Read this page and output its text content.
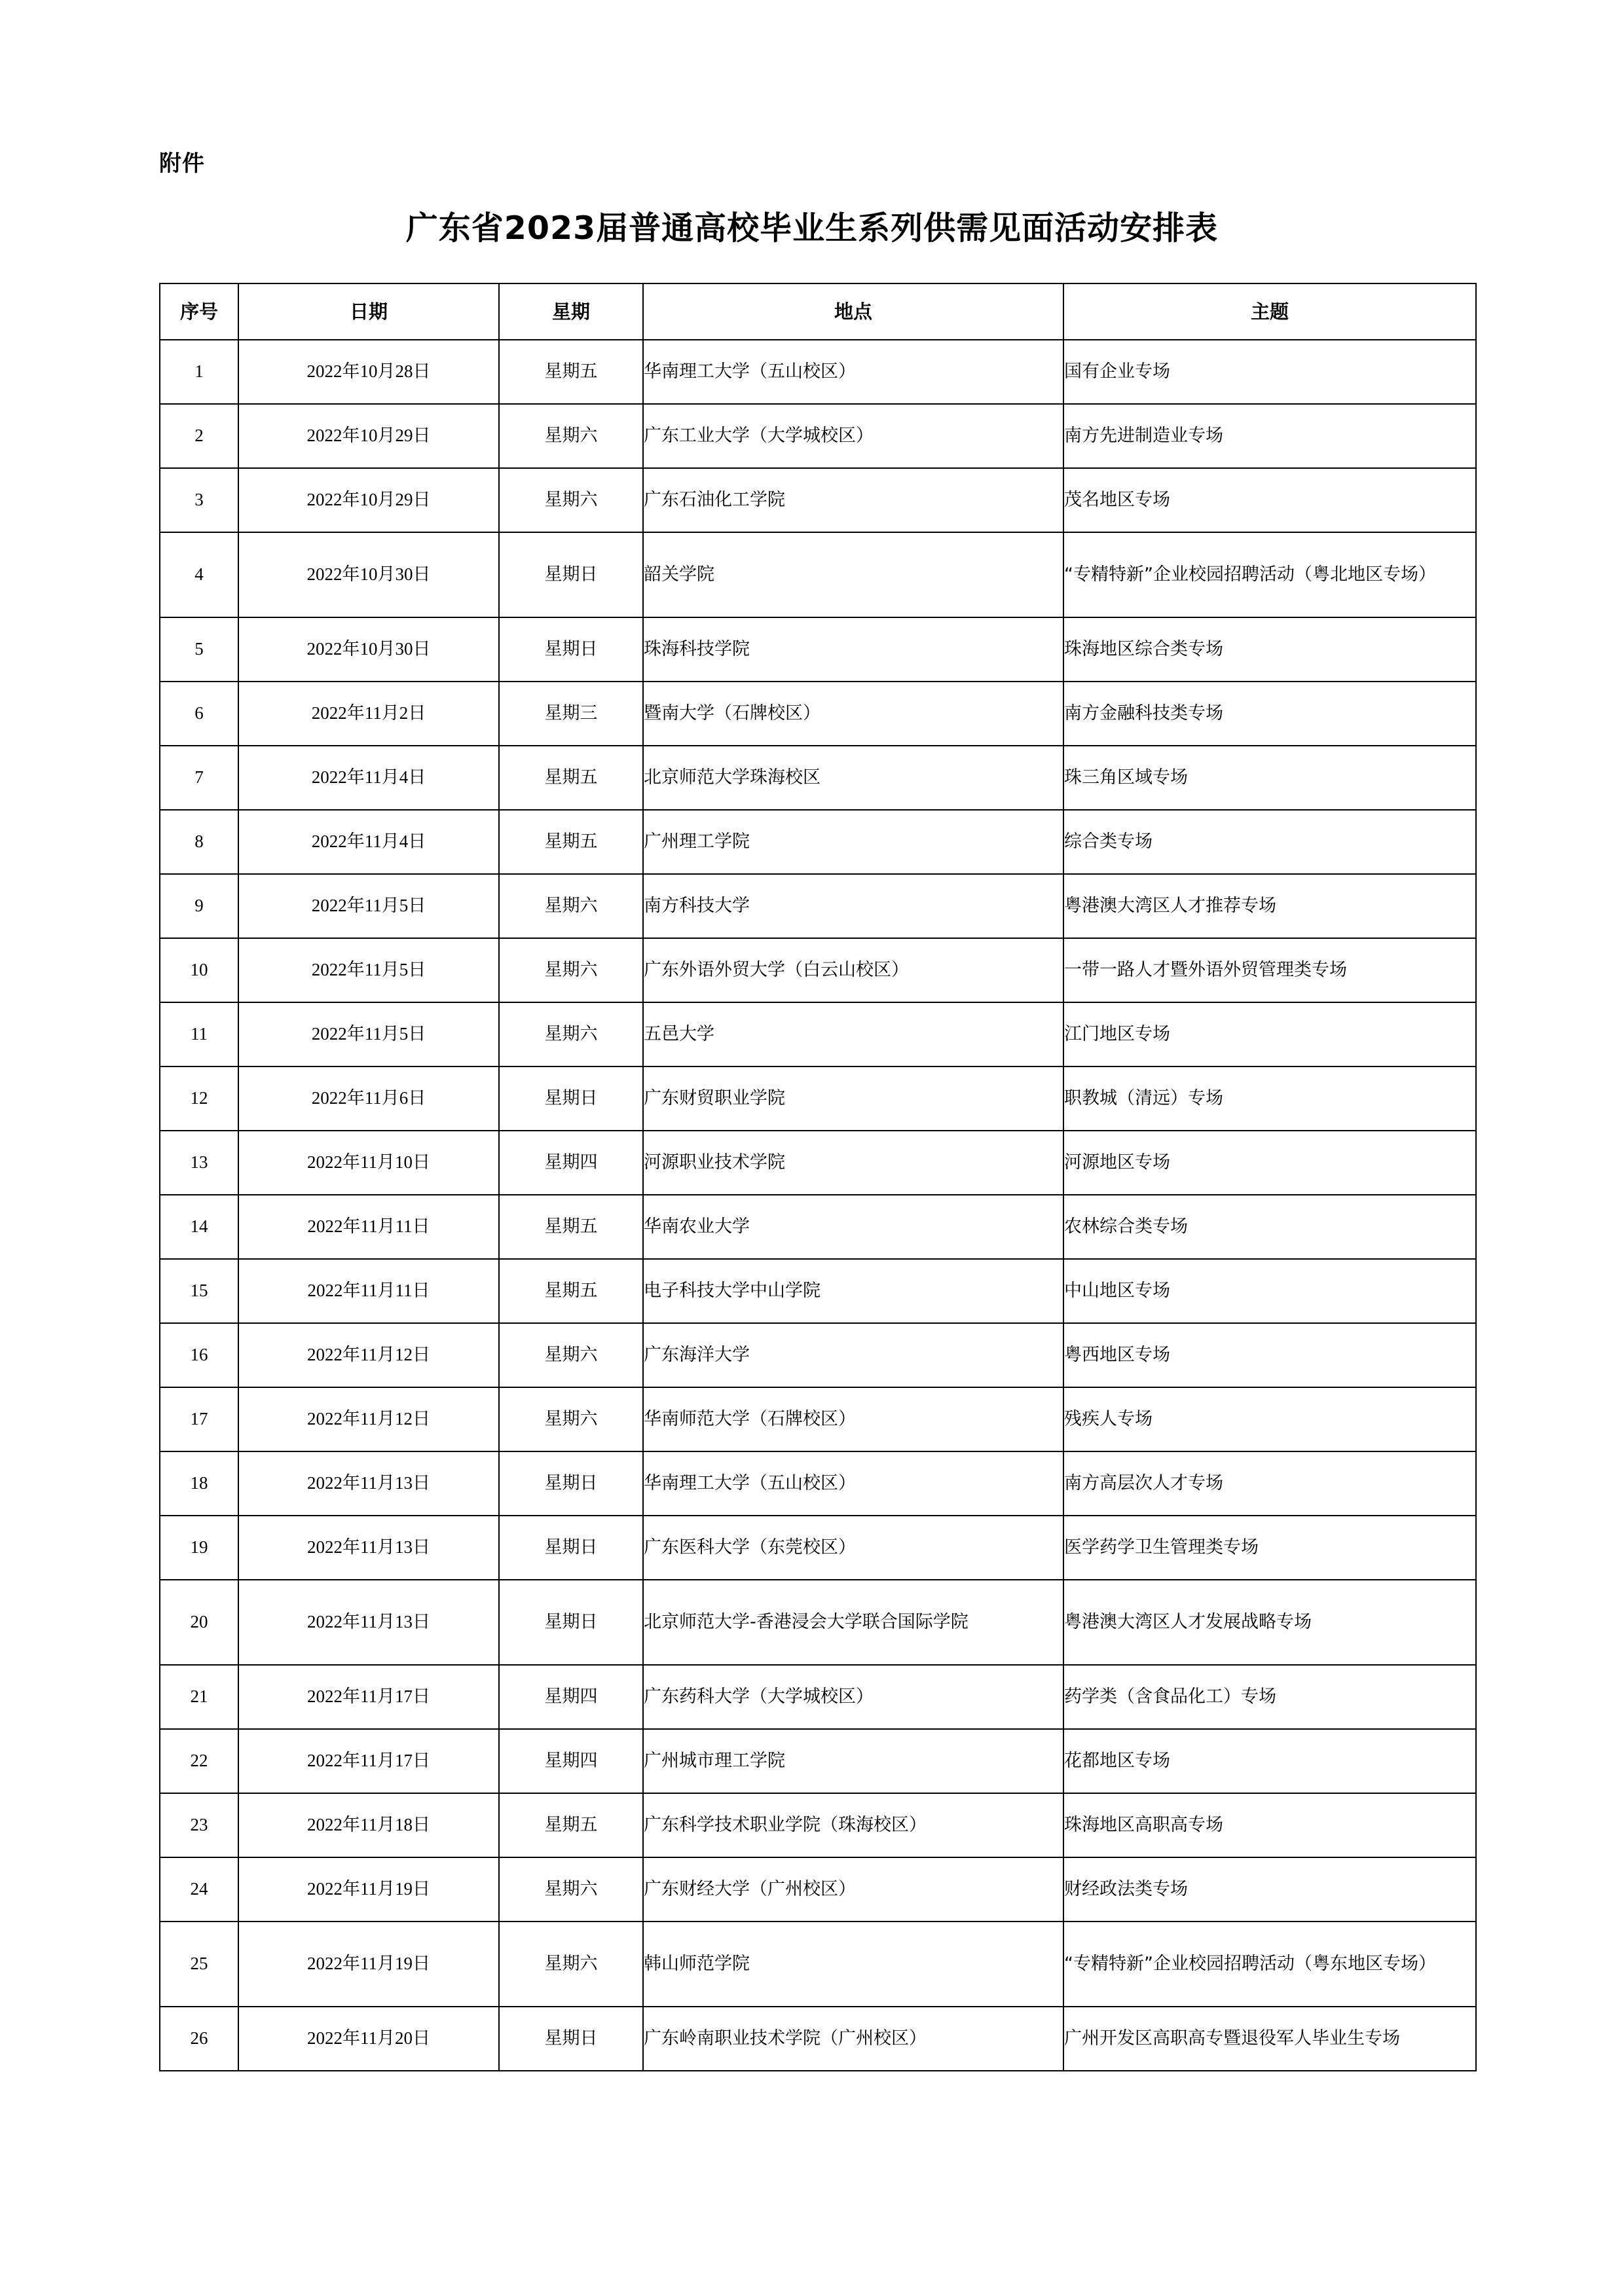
附件
广东省2023届普通高校毕业生系列供需见面活动安排表
序号	日期	星期	地点	主题
1	2022年10月28日	星期五	华南理工大学（五山校区）	国有企业专场
2	2022年10月29日	星期六	广东工业大学（大学城校区）	南方先进制造业专场
3	2022年10月29日	星期六	广东石油化工学院	茂名地区专场
4	2022年10月30日	星期日	韶关学院	“专精特新”企业校园招聘活动（粤北地区专场）
5	2022年10月30日	星期日	珠海科技学院	珠海地区综合类专场
6	2022年11月2日	星期三	暨南大学（石牌校区）	南方金融科技类专场
7	2022年11月4日	星期五	北京师范大学珠海校区	珠三角区域专场
8	2022年11月4日	星期五	广州理工学院	综合类专场
9	2022年11月5日	星期六	南方科技大学	粤港澳大湾区人才推荐专场
10	2022年11月5日	星期六	广东外语外贸大学（白云山校区）	一带一路人才暨外语外贸管理类专场
11	2022年11月5日	星期六	五邑大学	江门地区专场
12	2022年11月6日	星期日	广东财贸职业学院	职教城（清远）专场
13	2022年11月10日	星期四	河源职业技术学院	河源地区专场
14	2022年11月11日	星期五	华南农业大学	农林综合类专场
15	2022年11月11日	星期五	电子科技大学中山学院	中山地区专场
16	2022年11月12日	星期六	广东海洋大学	粤西地区专场
17	2022年11月12日	星期六	华南师范大学（石牌校区）	残疾人专场
18	2022年11月13日	星期日	华南理工大学（五山校区）	南方高层次人才专场
19	2022年11月13日	星期日	广东医科大学（东莞校区）	医学药学卫生管理类专场
20	2022年11月13日	星期日	北京师范大学-香港浸会大学联合国际学院	粤港澳大湾区人才发展战略专场
21	2022年11月17日	星期四	广东药科大学（大学城校区）	药学类（含食品化工）专场
22	2022年11月17日	星期四	广州城市理工学院	花都地区专场
23	2022年11月18日	星期五	广东科学技术职业学院（珠海校区）	珠海地区高职高专场
24	2022年11月19日	星期六	广东财经大学（广州校区）	财经政法类专场
25	2022年11月19日	星期六	韩山师范学院	“专精特新”企业校园招聘活动（粤东地区专场）
26	2022年11月20日	星期日	广东岭南职业技术学院（广州校区）	广州开发区高职高专暨退役军人毕业生专场
